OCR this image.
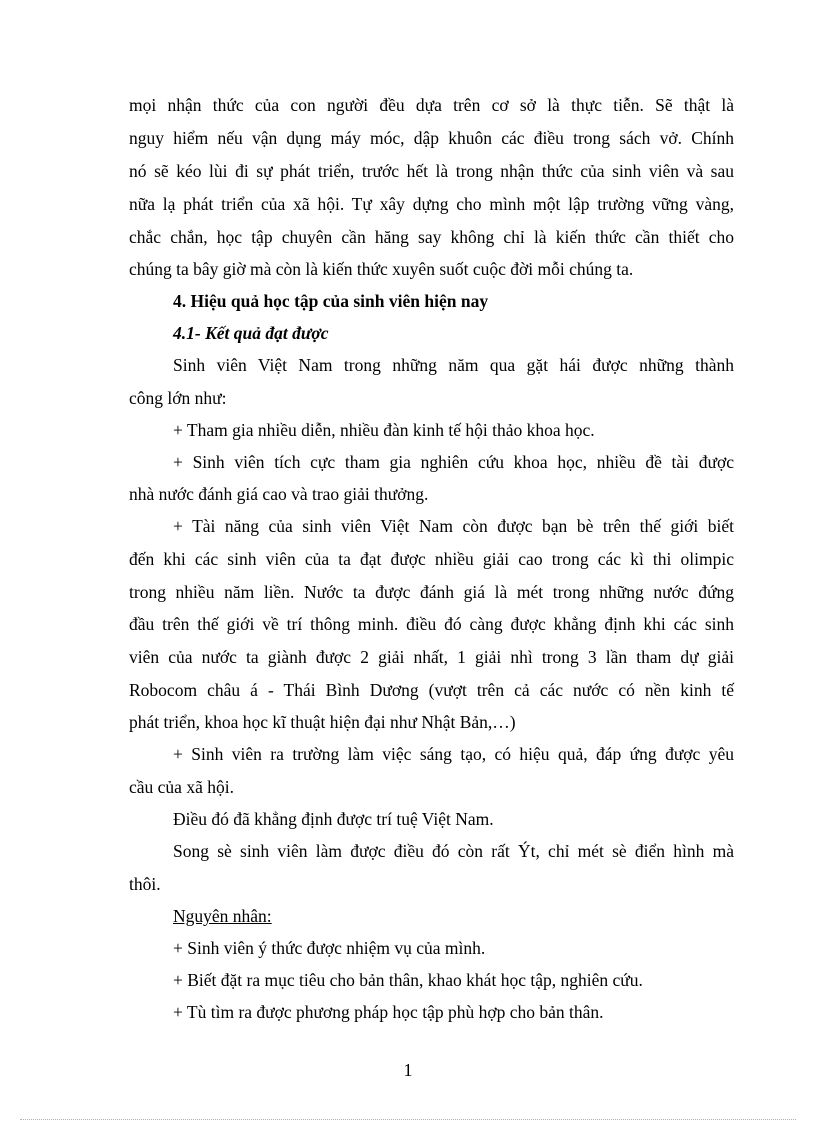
mọi nhận thức của con người đều dựa trên cơ sở là thực tiễn. Sẽ thật là
nguy hiểm nếu vận dụng máy móc, dập khuôn các điều trong sách vở. Chính
nó sẽ kéo lùi đi sự phát triển, trước hết là trong nhận thức của sinh viên và sau
nữa lạ phát triển của xã hội. Tự xây dựng cho mình một lập trường vững vàng,
chắc chắn, học tập chuyên cần hăng say không chỉ là kiến thức cần thiết cho
chúng ta bây giờ mà còn là kiến thức xuyên suốt cuộc đời mỗi chúng ta.
4. Hiệu quả học tập của sinh viên hiện nay
4.1- Kết quả đạt được
Sinh viên Việt Nam trong những năm qua gặt hái được những thành
công lớn như:
+ Tham gia nhiều diễn, nhiều đàn kinh tế hội thảo khoa học.
+ Sinh viên tích cực tham gia nghiên cứu khoa học, nhiều đề tài được
nhà nước đánh giá cao và trao giải thưởng.
+ Tài năng của sinh viên Việt Nam còn được bạn bè trên thế giới biết
đến khi các sinh viên của ta đạt được nhiều giải cao trong các kì thi olimpic
trong nhiều năm liền. Nước ta được đánh giá là mét trong những nước đứng
đầu trên thế giới về trí thông minh. điều đó càng được khẳng định khi các sinh
viên của nước ta giành được 2 giải nhất, 1 giải nhì trong 3 lần tham dự giải
Robocom châu á - Thái Bình Dương (vượt trên cả các nước có nền kinh tế
phát triển, khoa học kĩ thuật hiện đại như Nhật Bản,…)
+ Sinh viên ra trường làm việc sáng tạo, có hiệu quả, đáp ứng được yêu
cầu của xã hội.
Điều đó đã khẳng định được trí tuệ Việt Nam.
Song sè sinh viên làm được điều đó còn rất Ýt, chỉ mét sè điển hình mà
thôi.
Nguyên nhân:
+ Sinh viên ý thức được nhiệm vụ của mình.
+ Biết đặt ra mục tiêu cho bản thân, khao khát học tập, nghiên cứu.
+ Tù tìm ra được phương pháp học tập phù hợp cho bản thân.
1
